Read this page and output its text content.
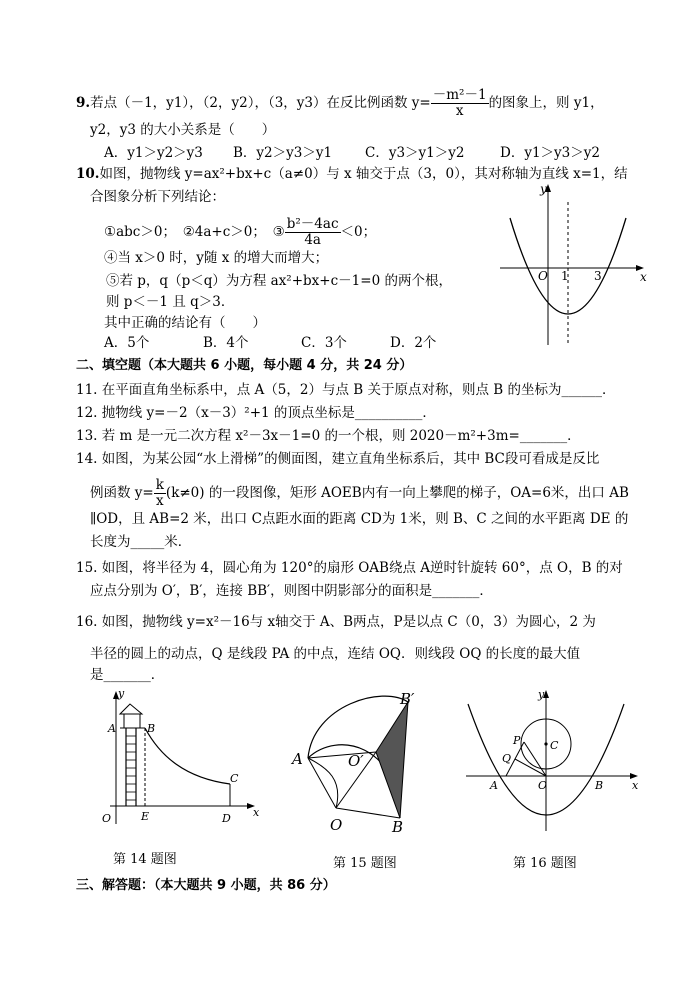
9.若点（－1，y1），（2，y2），（3，y3）在反比例函数 $y= \frac{\text{－m²－1}}{x}$ 的图象上，则 y1，
y2，y3 的大小关系是（　　）
A．y1＞y2＞y3 B．y2＞y3＞y1 C．y3＞y1＞y2	D．y1＞y3＞y2
10.如图，抛物线 y=ax²+bx+c（a≠0）与 x 轴交于点（3，0），其对称轴为直线 x=1，结
合图象分析下列结论：
①abc＞0；　②4a+c＞0；　③ $\frac{\text{b²－4ac}}{4a} <0$；
④当 x＞0 时，y随 x 的增大而增大；
⑤若 p，q（p＜q）为方程 ax²+bx+c－1=0 的两个根，
则 p＜－1 且 q＞3．
其中正确的结论有（　　）
A．5个	B．4个	C．3个	D．2个
y
x
O 1 3
二、填空题（本大题共 6 小题，每小题 4 分，共 24 分）
11. 在平面直角坐标系中，点 A（5，2）与点 B 关于原点对称，则点 B 的坐标为______．
12. 抛物线 y=－2（x－3）²+1 的顶点坐标是__________．
13. 若 m 是一元二次方程 x²－3x－1=0 的一个根，则 2020－m²+3m=_______．
14. 如图，为某公园“水上滑梯”的侧面图，建立直角坐标系后，其中 BC段可看成是反比
例函数 $y= \frac{k}{x} (k\ne 0)$ 的一段图像，矩形 AOEB内有一向上攀爬的梯子，OA=6米，出口 AB
∥OD，且 AB=2 米，出口 C点距水面的距离 CD为 1米，则 B、C 之间的水平距离 DE 的
长度为_____米．
15. 如图，将半径为 4，圆心角为 120°的扇形 OAB绕点 A逆时针旋转 60°，点 O，B 的对
应点分别为 O′，B′，连接 BB′，则图中阴影部分的面积是_______．
16. 如图，抛物线 y=x²－16与 x轴交于 A、B两点，P是以点 C（0，3）为圆心，2 为
半径的圆上的动点，Q 是线段 PA 的中点，连结 OQ．则线段 OQ 的长度的最大值
是_______．
y
A	B
C
O	E	D x
第 14 题图
B′
A	O′
O	B
第 15 题图
y
P	C
Q
A	O	B	x
第 16 题图
三、解答题：（本大题共 9 小题，共 86 分）
